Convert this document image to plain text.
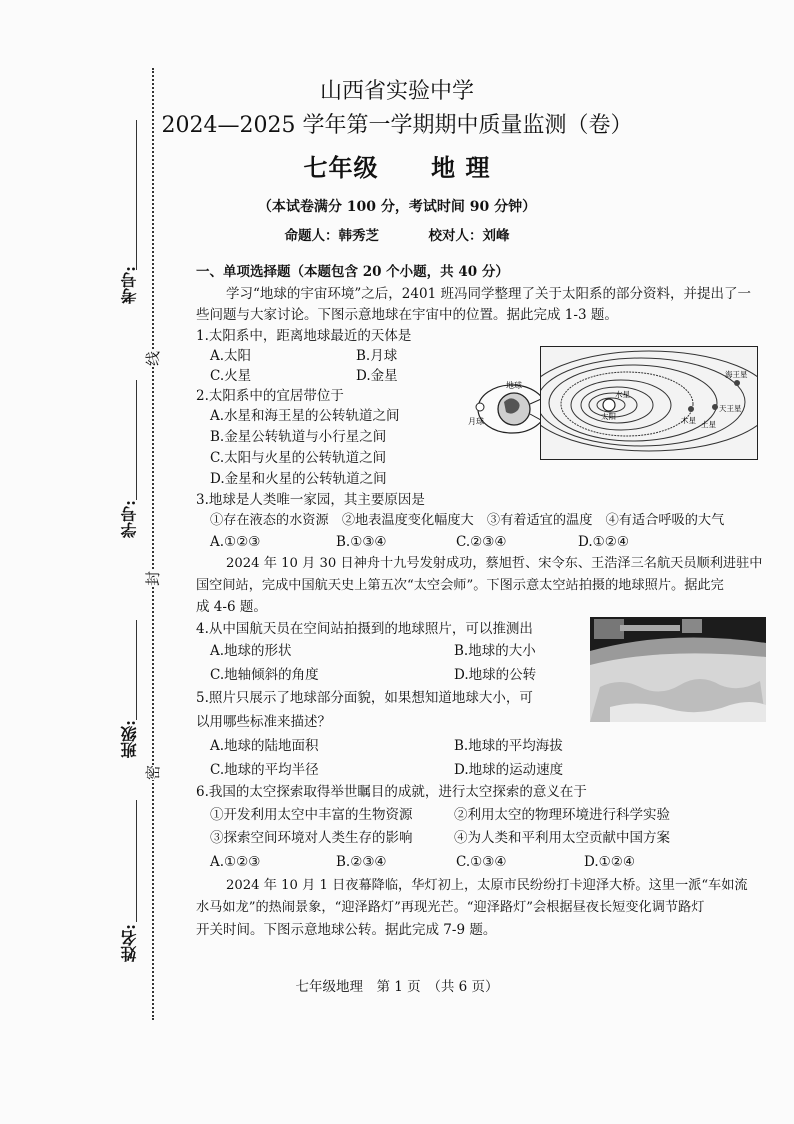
考号:
学号:
班级:
姓名:
线
封
密
山西省实验中学
2024—2025 学年第一学期期中质量监测（卷）
七年级 地 理
（本试卷满分 100 分，考试时间 90 分钟）
命题人：韩秀芝	校对人：刘峰
一、单项选择题（本题包含 20 个小题，共 40 分）
学习“地球的宇宙环境”之后，2401 班冯同学整理了关于太阳系的部分资料，并提出了一
些问题与大家讨论。下图示意地球在宇宙中的位置。据此完成 1-3 题。
1.太阳系中，距离地球最近的天体是
A.太阳	B.月球
C.火星	D.金星
2.太阳系中的宜居带位于
A.水星和海王星的公转轨道之间
B.金星公转轨道与小行星之间
C.太阳与火星的公转轨道之间
D.金星和火星的公转轨道之间
3.地球是人类唯一家园，其主要原因是
①存在液态的水资源　②地表温度变化幅度大　③有着适宜的温度　④有适合呼吸的大气
A.①②③	B.①③④	C.②③④	D.①②④
2024 年 10 月 30 日神舟十九号发射成功，蔡旭哲、宋令东、王浩泽三名航天员顺利进驻中
国空间站，完成中国航天史上第五次“太空会师”。下图示意太空站拍摄的地球照片。据此完
成 4-6 题。
4.从中国航天员在空间站拍摄到的地球照片，可以推测出
A.地球的形状	B.地球的大小
C.地轴倾斜的角度	D.地球的公转
5.照片只展示了地球部分面貌，如果想知道地球大小，可
以用哪些标准来描述？
A.地球的陆地面积	B.地球的平均海拔
C.地球的平均半径	D.地球的运动速度
6.我国的太空探索取得举世瞩目的成就，进行太空探索的意义在于
①开发利用太空中丰富的生物资源	②利用太空的物理环境进行科学实验
③探索空间环境对人类生存的影响	④为人类和平利用太空贡献中国方案
A.①②③	B.②③④	C.①③④	D.①②④
2024 年 10 月 1 日夜幕降临，华灯初上，太原市民纷纷打卡迎泽大桥。这里一派“车如流
水马如龙”的热闹景象，“迎泽路灯”再现光芒。“迎泽路灯”会根据昼夜长短变化调节路灯
开关时间。下图示意地球公转。据此完成 7-9 题。
月球
地球
太阳
水星
木星 土星
天王星
海王星
七年级地理　第 1 页　（共 6 页）
